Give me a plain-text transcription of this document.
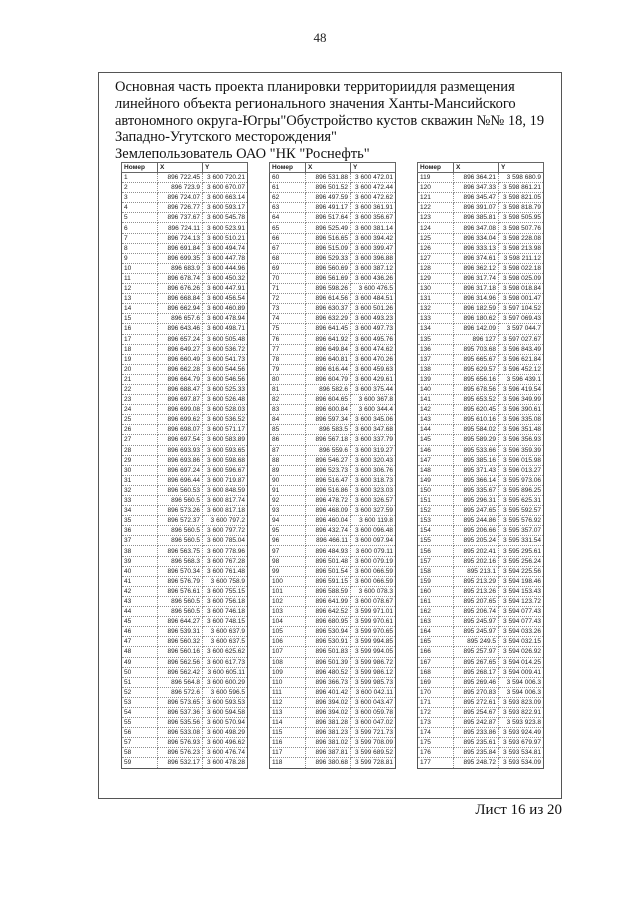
48
Основная часть проекта планировки территориидля размещения
линейного объекта регионального значения Ханты-Мансийского
автономного округа-Югры"Обустройство кустов скважин №№ 18, 19
Западно-Угутского месторождения"
Землепользователь ОАО "НК "Роснефть"
Номер	X	Y
1	896 722.45	3 600 720.21
2	896 723.9	3 600 670.07
3	896 724.07	3 600 663.14
4	896 726.77	3 600 593.17
5	896 737.67	3 600 545.78
6	896 724.11	3 600 523.91
7	896 724.13	3 600 510.21
8	896 691.84	3 600 494.74
9	896 699.35	3 600 447.78
10	896 683.9	3 600 444.96
11	896 678.74	3 600 450.32
12	896 676.26	3 600 447.91
13	896 668.84	3 600 456.54
14	896 662.94	3 600 460.89
15	896 657.6	3 600 478.94
16	896 643.46	3 600 498.71
17	896 657.24	3 600 505.48
18	896 649.27	3 600 536.72
19	896 660.49	3 600 541.73
20	896 662.28	3 600 544.56
21	896 664.79	3 600 546.56
22	896 688.47	3 600 525.33
23	896 697.87	3 600 526.48
24	896 699.08	3 600 528.03
25	896 699.62	3 600 536.52
26	896 698.07	3 600 571.17
27	896 697.54	3 600 583.89
28	896 693.93	3 600 593.65
29	896 693.86	3 600 598.68
30	896 697.24	3 600 596.67
31	896 696.44	3 600 719.87
32	896 560.53	3 600 848.59
33	896 560.5	3 600 817.74
34	896 573.26	3 600 817.18
35	896 572.37	3 600 797.2
36	896 560.5	3 600 797.72
37	896 560.5	3 600 785.04
38	896 563.75	3 600 778.96
39	896 568.3	3 600 767.28
40	896 570.34	3 600 761.48
41	896 576.79	3 600 758.9
42	896 576.61	3 600 755.15
43	896 560.5	3 600 756.18
44	896 560.5	3 600 746.18
45	896 644.27	3 600 748.15
46	896 539.31	3 600 637.9
47	896 560.32	3 600 637.5
48	896 560.16	3 600 625.62
49	896 562.56	3 600 617.73
50	896 562.42	3 600 605.11
51	896 564.8	3 600 600.29
52	896 572.6	3 600 596.5
53	896 573.65	3 600 593.53
54	896 537.36	3 600 594.58
55	896 535.56	3 600 570.94
56	896 533.08	3 600 498.29
57	896 576.93	3 600 496.62
58	896 576.23	3 600 476.74
59	896 532.17	3 600 478.28
Номер	X	Y
60	896 531.88	3 600 472.01
61	896 501.52	3 600 472.44
62	896 497.59	3 600 472.62
63	896 491.17	3 600 361.91
64	896 517.64	3 600 356.67
65	896 525.49	3 600 381.14
66	896 516.65	3 600 394.42
67	896 515.09	3 600 399.47
68	896 529.33	3 600 396.88
69	896 560.69	3 600 387.12
70	896 561.69	3 600 436.26
71	896 598.26	3 600 476.5
72	896 614.56	3 600 484.51
73	896 630.37	3 600 501.26
74	896 632.29	3 600 493.23
75	896 641.45	3 600 497.73
76	896 641.92	3 600 495.76
77	896 649.84	3 600 474.62
78	896 640.81	3 600 470.26
79	896 616.44	3 600 459.63
80	896 604.79	3 600 429.61
81	896 582.6	3 600 375.44
82	896 604.65	3 600 367.8
83	896 600.84	3 600 344.4
84	896 597.34	3 600 345.06
85	896 583.5	3 600 347.68
86	896 567.18	3 600 337.79
87	896 559.6	3 600 319.27
88	896 546.27	3 600 320.43
89	896 523.73	3 600 306.76
90	896 516.47	3 600 318.73
91	896 516.86	3 600 323.03
92	896 478.72	3 600 326.57
93	896 468.09	3 600 327.59
94	896 460.04	3 600 119.8
95	896 432.74	3 600 096.48
96	896 466.11	3 600 097.94
97	896 484.93	3 600 079.11
98	896 501.48	3 600 079.19
99	896 501.54	3 600 066.59
100	896 591.15	3 600 066.59
101	896 588.59	3 600 078.3
102	896 641.99	3 600 078.67
103	896 642.52	3 599 971.01
104	896 680.95	3 599 970.61
105	896 530.94	3 599 970.65
106	896 530.91	3 599 994.85
107	896 501.83	3 599 994.05
108	896 501.39	3 599 986.72
109	896 480.52	3 599 986.12
110	896 366.73	3 599 985.73
111	896 401.42	3 600 042.11
112	896 394.02	3 600 043.47
113	896 394.02	3 600 059.78
114	896 381.28	3 600 047.02
115	896 381.23	3 599 721.73
116	896 381.02	3 599 708.09
117	896 387.81	3 599 689.52
118	896 380.68	3 599 728.81
Номер	X	Y
119	896 364.21	3 598 680.9
120	896 347.33	3 598 861.21
121	896 345.47	3 598 821.05
122	896 391.07	3 598 818.79
123	896 385.81	3 598 505.95
124	896 347.08	3 598 507.76
125	896 334.04	3 598 228.08
126	896 333.13	3 598 213.98
127	896 374.61	3 598 211.12
128	896 362.12	3 598 022.18
129	896 317.74	3 598 025.09
130	896 317.18	3 598 018.84
131	896 314.96	3 598 001.47
132	896 182.59	3 597 104.52
133	896 180.62	3 597 069.43
134	896 142.09	3 597 044.7
135	896 127	3 597 027.67
136	895 703.68	3 596 843.49
137	895 665.67	3 596 621.84
138	895 629.57	3 596 452.12
139	895 656.16	3 596 439.1
140	895 678.56	3 596 419.54
141	895 653.52	3 596 349.99
142	895 620.45	3 596 390.61
143	895 610.16	3 596 335.08
144	895 584.02	3 596 351.48
145	895 589.29	3 596 356.93
146	895 533.66	3 596 359.39
147	895 385.16	3 596 015.98
148	895 371.43	3 596 013.27
149	895 366.14	3 595 973.06
150	895 335.67	3 595 896.25
151	895 296.31	3 595 625.31
152	895 247.65	3 595 592.57
153	895 244.86	3 595 576.92
154	895 206.66	3 595 357.07
155	895 205.24	3 595 331.54
156	895 202.41	3 595 295.61
157	895 202.16	3 595 256.24
158	895 213.1	3 594 225.56
159	895 213.29	3 594 198.46
160	895 213.26	3 594 153.43
161	895 207.65	3 594 123.72
162	895 206.74	3 594 077.43
163	895 245.97	3 594 077.43
164	895 245.97	3 594 033.26
165	895 249.5	3 594 032.15
166	895 257.97	3 594 026.92
167	895 267.65	3 594 014.25
168	895 268.17	3 594 009.41
169	895 269.46	3 594 006.3
170	895 270.83	3 594 006.3
171	895 272.61	3 593 823.09
172	895 254.67	3 593 822.91
173	895 242.87	3 593 923.8
174	895 233.86	3 593 924.49
175	895 235.61	3 593 679.97
176	895 235.84	3 593 534.81
177	895 248.72	3 593 534.09
Лист 16 из 20
